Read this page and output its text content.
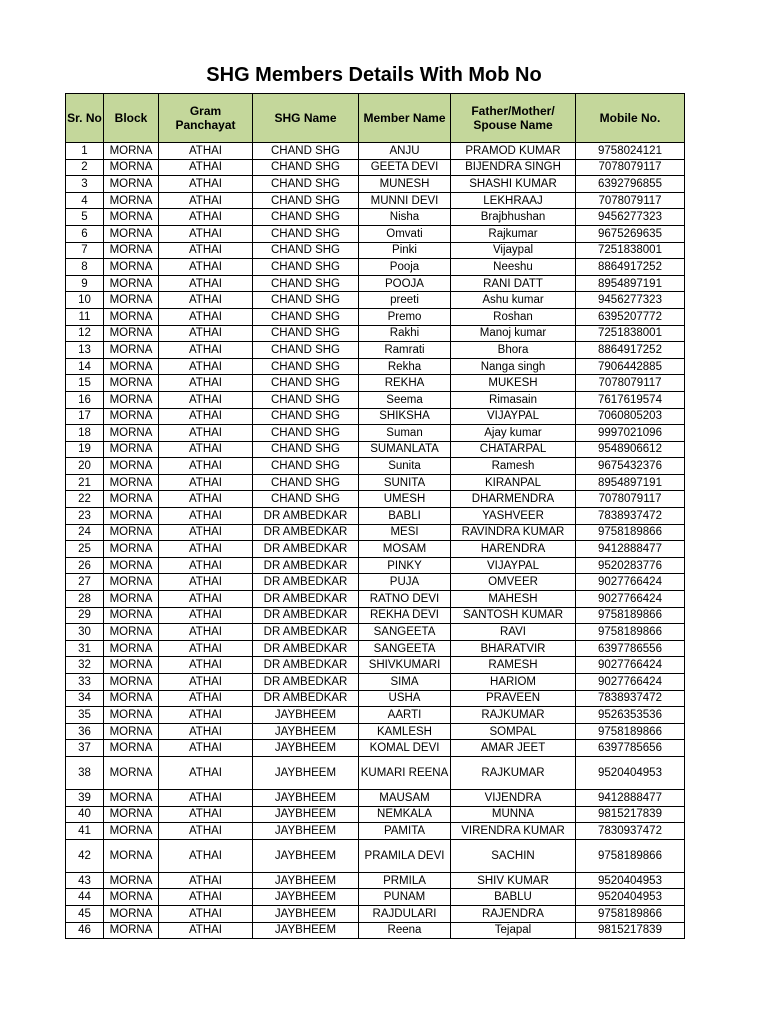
SHG Members Details With Mob No
Sr. No	Block	Gram Panchayat	SHG Name	Member Name	Father/Mother/ Spouse Name	Mobile No.
1	MORNA	ATHAI	CHAND SHG	ANJU	PRAMOD KUMAR	9758024121
2	MORNA	ATHAI	CHAND SHG	GEETA DEVI	BIJENDRA SINGH	7078079117
3	MORNA	ATHAI	CHAND SHG	MUNESH	SHASHI KUMAR	6392796855
4	MORNA	ATHAI	CHAND SHG	MUNNI DEVI	LEKHRAAJ	7078079117
5	MORNA	ATHAI	CHAND SHG	Nisha	Brajbhushan	9456277323
6	MORNA	ATHAI	CHAND SHG	Omvati	Rajkumar	9675269635
7	MORNA	ATHAI	CHAND SHG	Pinki	Vijaypal	7251838001
8	MORNA	ATHAI	CHAND SHG	Pooja	Neeshu	8864917252
9	MORNA	ATHAI	CHAND SHG	POOJA	RANI DATT	8954897191
10	MORNA	ATHAI	CHAND SHG	preeti	Ashu kumar	9456277323
11	MORNA	ATHAI	CHAND SHG	Premo	Roshan	6395207772
12	MORNA	ATHAI	CHAND SHG	Rakhi	Manoj kumar	7251838001
13	MORNA	ATHAI	CHAND SHG	Ramrati	Bhora	8864917252
14	MORNA	ATHAI	CHAND SHG	Rekha	Nanga singh	7906442885
15	MORNA	ATHAI	CHAND SHG	REKHA	MUKESH	7078079117
16	MORNA	ATHAI	CHAND SHG	Seema	Rimasain	7617619574
17	MORNA	ATHAI	CHAND SHG	SHIKSHA	VIJAYPAL	7060805203
18	MORNA	ATHAI	CHAND SHG	Suman	Ajay kumar	9997021096
19	MORNA	ATHAI	CHAND SHG	SUMANLATA	CHATARPAL	9548906612
20	MORNA	ATHAI	CHAND SHG	Sunita	Ramesh	9675432376
21	MORNA	ATHAI	CHAND SHG	SUNITA	KIRANPAL	8954897191
22	MORNA	ATHAI	CHAND SHG	UMESH	DHARMENDRA	7078079117
23	MORNA	ATHAI	DR AMBEDKAR	BABLI	YASHVEER	7838937472
24	MORNA	ATHAI	DR AMBEDKAR	MESI	RAVINDRA KUMAR	9758189866
25	MORNA	ATHAI	DR AMBEDKAR	MOSAM	HARENDRA	9412888477
26	MORNA	ATHAI	DR AMBEDKAR	PINKY	VIJAYPAL	9520283776
27	MORNA	ATHAI	DR AMBEDKAR	PUJA	OMVEER	9027766424
28	MORNA	ATHAI	DR AMBEDKAR	RATNO DEVI	MAHESH	9027766424
29	MORNA	ATHAI	DR AMBEDKAR	REKHA DEVI	SANTOSH KUMAR	9758189866
30	MORNA	ATHAI	DR AMBEDKAR	SANGEETA	RAVI	9758189866
31	MORNA	ATHAI	DR AMBEDKAR	SANGEETA	BHARATVIR	6397786556
32	MORNA	ATHAI	DR AMBEDKAR	SHIVKUMARI	RAMESH	9027766424
33	MORNA	ATHAI	DR AMBEDKAR	SIMA	HARIOM	9027766424
34	MORNA	ATHAI	DR AMBEDKAR	USHA	PRAVEEN	7838937472
35	MORNA	ATHAI	JAYBHEEM	AARTI	RAJKUMAR	9526353536
36	MORNA	ATHAI	JAYBHEEM	KAMLESH	SOMPAL	9758189866
37	MORNA	ATHAI	JAYBHEEM	KOMAL DEVI	AMAR JEET	6397785656
38	MORNA	ATHAI	JAYBHEEM	KUMARI REENA	RAJKUMAR	9520404953
39	MORNA	ATHAI	JAYBHEEM	MAUSAM	VIJENDRA	9412888477
40	MORNA	ATHAI	JAYBHEEM	NEMKALA	MUNNA	9815217839
41	MORNA	ATHAI	JAYBHEEM	PAMITA	VIRENDRA KUMAR	7830937472
42	MORNA	ATHAI	JAYBHEEM	PRAMILA DEVI	SACHIN	9758189866
43	MORNA	ATHAI	JAYBHEEM	PRMILA	SHIV KUMAR	9520404953
44	MORNA	ATHAI	JAYBHEEM	PUNAM	BABLU	9520404953
45	MORNA	ATHAI	JAYBHEEM	RAJDULARI	RAJENDRA	9758189866
46	MORNA	ATHAI	JAYBHEEM	Reena	Tejapal	9815217839
